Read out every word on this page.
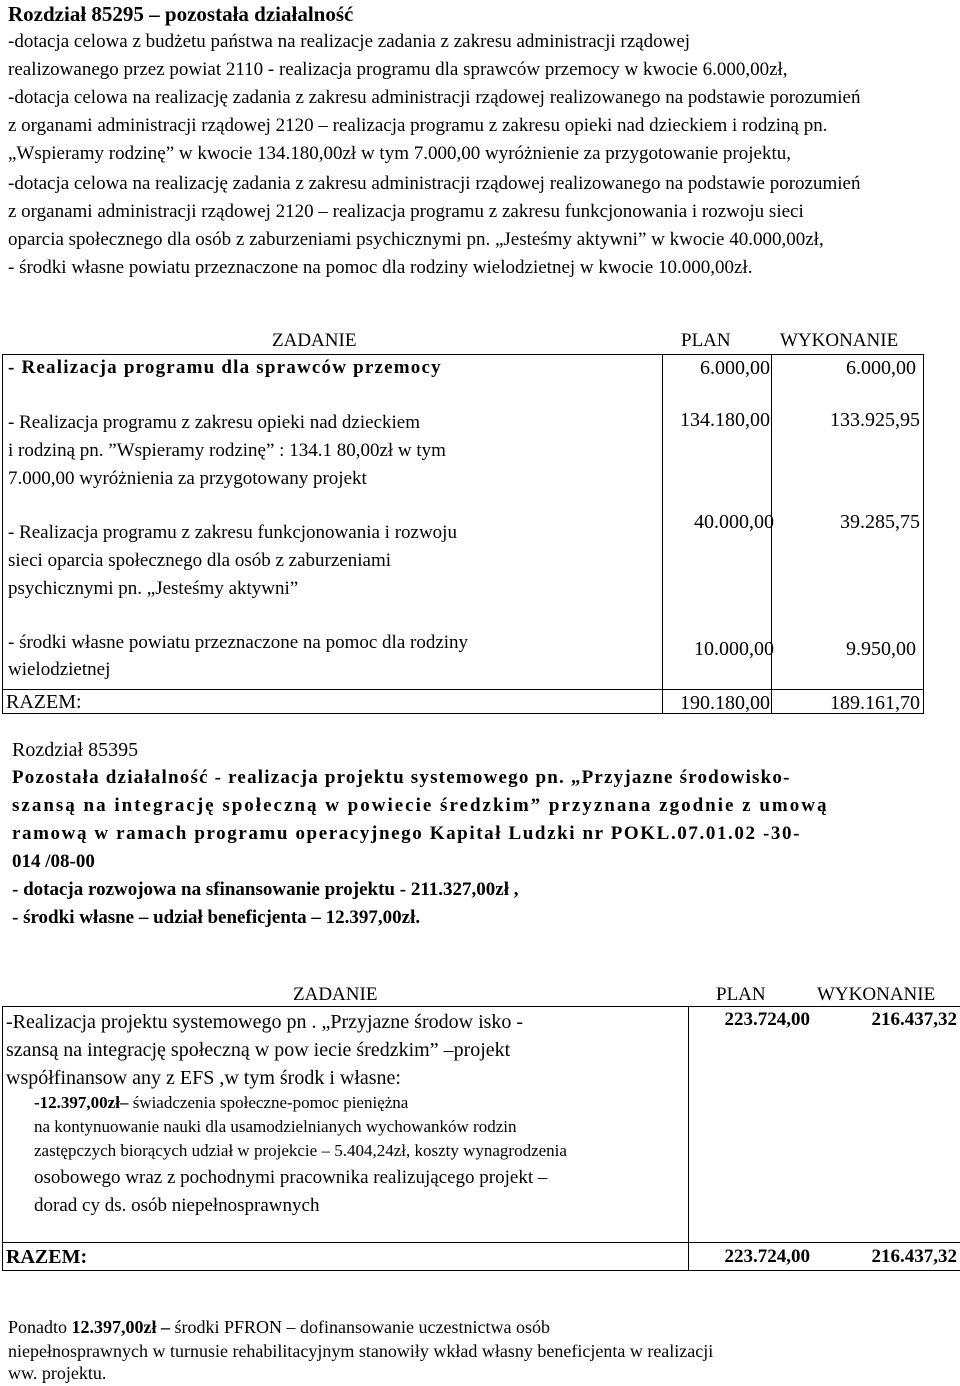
Rozdział 85295 – pozostała działalność
-dotacja celowa z budżetu państwa na realizacje zadania z zakresu administracji rządowej
realizowanego przez powiat 2110 - realizacja programu dla sprawców przemocy w kwocie 6.000,00zł,
-dotacja celowa na realizację zadania z zakresu administracji rządowej realizowanego na podstawie porozumień
z organami administracji rządowej 2120 – realizacja programu z zakresu opieki nad dzieckiem i rodziną pn.
„Wspieramy rodzinę” w kwocie 134.180,00zł w tym 7.000,00 wyróżnienie za przygotowanie projektu,
-dotacja celowa na realizację zadania z zakresu administracji rządowej realizowanego na podstawie porozumień
z organami administracji rządowej 2120 – realizacja programu z zakresu funkcjonowania i rozwoju sieci
oparcia społecznego dla osób z zaburzeniami psychicznymi pn. „Jesteśmy aktywni” w kwocie 40.000,00zł,
- środki własne powiatu przeznaczone na pomoc dla rodziny wielodzietnej w kwocie 10.000,00zł.
ZADANIE	PLAN	WYKONANIE
- Realizacja programu dla sprawców przemocy	6.000,00	6.000,00
- Realizacja programu z zakresu opieki nad dzieckiem
i rodziną pn. ”Wspieramy rodzinę” : 134.1 80,00zł w tym
7.000,00 wyróżnienia za przygotowany projekt
134.180,00	133.925,95
- Realizacja programu z zakresu funkcjonowania i rozwoju
sieci oparcia społecznego dla osób z zaburzeniami
psychicznymi pn. „Jesteśmy aktywni”
40.000,00	39.285,75
- środki własne powiatu przeznaczone na pomoc dla rodziny
wielodzietnej
10.000,00	9.950,00
RAZEM:	190.180,00	189.161,70
Rozdział 85395
Pozostała działalność - realizacja projektu systemowego pn. „Przyjazne środowisko-
szansą na integrację społeczną w powiecie średzkim” przyznana zgodnie z umową
ramową w ramach programu operacyjnego Kapitał Ludzki nr POKL.07.01.02 -30-
014 /08-00
- dotacja rozwojowa na sfinansowanie projektu - 211.327,00zł ,
- środki własne – udział beneficjenta – 12.397,00zł.
ZADANIE	PLAN	WYKONANIE
-Realizacja projektu systemowego pn . „Przyjazne środow isko -
szansą na integrację społeczną w pow iecie średzkim” –projekt
współfinansow any z EFS ,w tym środk i własne:
-12.397,00zł– świadczenia społeczne-pomoc pieniężna
na kontynuowanie nauki dla usamodzielnianych wychowanków rodzin
zastępczych biorących udział w projekcie – 5.404,24zł, koszty wynagrodzenia
osobowego wraz z pochodnymi pracownika realizującego projekt –
dorad cy ds. osób niepełnosprawnych
223.724,00	216.437,32
RAZEM:	223.724,00	216.437,32
Ponadto 12.397,00zł – środki PFRON – dofinansowanie uczestnictwa osób
niepełnosprawnych w turnusie rehabilitacyjnym stanowiły wkład własny beneficjenta w realizacji
ww. projektu.
